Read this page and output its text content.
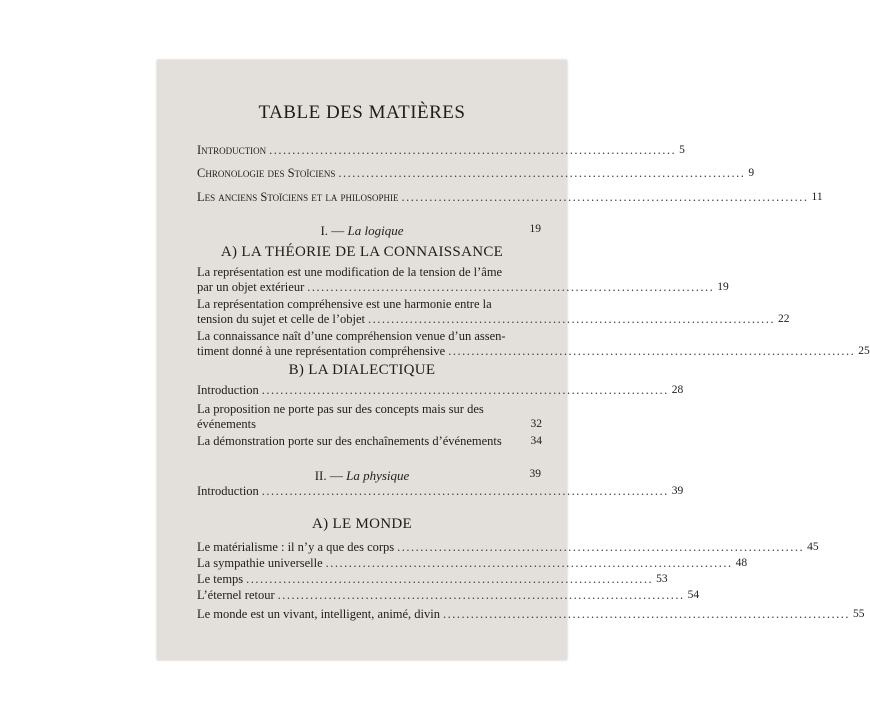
TABLE DES MATIÈRES
Introduction ........................................................................................ 5
Chronologie des Stoïciens ........................................................................................ 9
Les anciens Stoïciens et la philosophie ........................................................................................ 11
I. — La logique	19
A) LA THÉORIE DE LA CONNAISSANCE
La représentation est une modification de la tension de l’âme
par un objet extérieur ........................................................................................ 19
La représentation compréhensive est une harmonie entre la
tension du sujet et celle de l’objet ........................................................................................ 22
La connaissance naît d’une compréhension venue d’un assen-
timent donné à une représentation compréhensive ........................................................................................ 25
B) LA DIALECTIQUE
Introduction ........................................................................................ 28
La proposition ne porte pas sur des concepts mais sur des
événements	32
La démonstration porte sur des enchaînements d’événements	34
II. — La physique	39
Introduction ........................................................................................ 39
A) LE MONDE
Le matérialisme : il n’y a que des corps ........................................................................................ 45
La sympathie universelle ........................................................................................ 48
Le temps ........................................................................................ 53
L’éternel retour ........................................................................................ 54
Le monde est un vivant, intelligent, animé, divin ........................................................................................ 55
